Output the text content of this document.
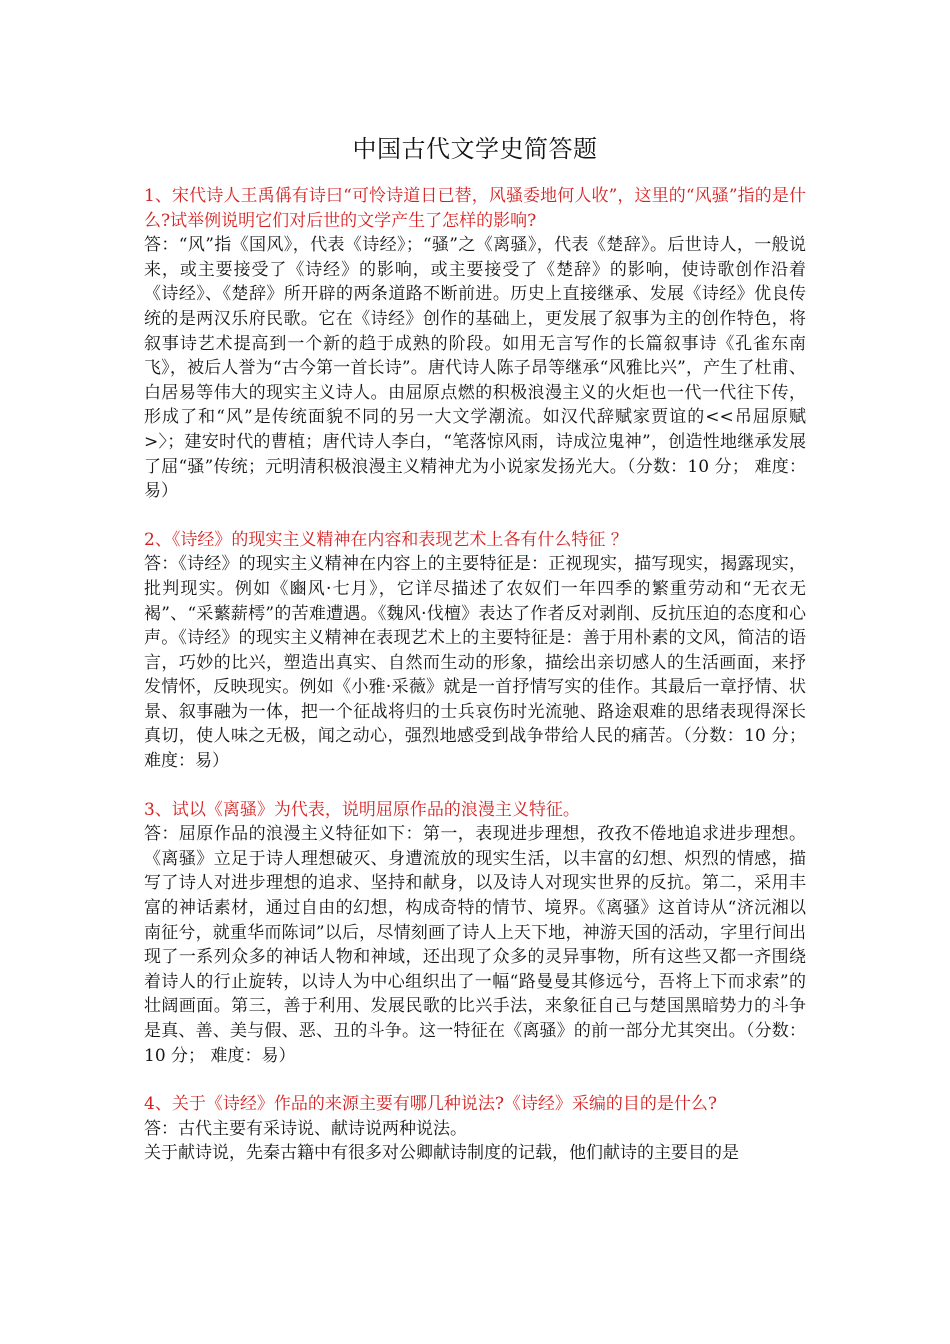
中国古代文学史简答题

1、宋代诗人王禹偁有诗曰“可怜诗道日已替，风骚委地何人收”，这里的“风骚”指的是什么?试举例说明它们对后世的文学产生了怎样的影响?

答：“风”指《国风》，代表《诗经》；“骚”之《离骚》，代表《楚辞》。后世诗人，一般说来，或主要接受了《诗经》的影响，或主要接受了《楚辞》的影响，使诗歌创作沿着《诗经》、《楚辞》所开辟的两条道路不断前进。历史上直接继承、发展《诗经》优良传统的是两汉乐府民歌。它在《诗经》创作的基础上，更发展了叙事为主的创作特色，将叙事诗艺术提高到一个新的趋于成熟的阶段。如用无言写作的长篇叙事诗《孔雀东南飞》，被后人誉为“古今第一首长诗”。唐代诗人陈子昂等继承“风雅比兴”，产生了杜甫、白居易等伟大的现实主义诗人。由屈原点燃的积极浪漫主义的火炬也一代一代往下传，形成了和“风”是传统面貌不同的另一大文学潮流。如汉代辞赋家贾谊的<<吊屈原赋>〉；建安时代的曹植；唐代诗人李白，“笔落惊风雨，诗成泣鬼神”，创造性地继承发展了屈“骚”传统；元明清积极浪漫主义精神尤为小说家发扬光大。（分数：10 分； 难度：易）

2、《诗经》的现实主义精神在内容和表现艺术上各有什么特征 ？

答：《诗经》的现实主义精神在内容上的主要特征是：正视现实，描写现实，揭露现实，批判现实。例如《豳风·七月》，它详尽描述了农奴们一年四季的繁重劳动和“无衣无褐”、“采蘩薪樗”的苦难遭遇。《魏风·伐檀》表达了作者反对剥削、反抗压迫的态度和心声。《诗经》的现实主义精神在表现艺术上的主要特征是：善于用朴素的文风，简洁的语言，巧妙的比兴，塑造出真实、自然而生动的形象，描绘出亲切感人的生活画面，来抒发情怀，反映现实。例如《小雅·采薇》就是一首抒情写实的佳作。其最后一章抒情、状景、叙事融为一体，把一个征战将归的士兵哀伤时光流驰、路途艰难的思绪表现得深长真切，使人味之无极，闻之动心，强烈地感受到战争带给人民的痛苦。（分数：10 分； 难度：易）

3、试以《离骚》为代表，说明屈原作品的浪漫主义特征。

答：屈原作品的浪漫主义特征如下：第一，表现进步理想，孜孜不倦地追求进步理想。《离骚》立足于诗人理想破灭、身遭流放的现实生活，以丰富的幻想、炽烈的情感，描写了诗人对进步理想的追求、坚持和献身，以及诗人对现实世界的反抗。第二，采用丰富的神话素材，通过自由的幻想，构成奇特的情节、境界。《离骚》这首诗从“济沅湘以南征兮，就重华而陈词”以后，尽情刻画了诗人上天下地，神游天国的活动，字里行间出现了一系列众多的神话人物和神域，还出现了众多的灵异事物，所有这些又都一齐围绕着诗人的行止旋转，以诗人为中心组织出了一幅“路曼曼其修远兮，吾将上下而求索”的壮阔画面。第三，善于利用、发展民歌的比兴手法，来象征自己与楚国黑暗势力的斗争是真、善、美与假、恶、丑的斗争。这一特征在《离骚》的前一部分尤其突出。（分数：10 分； 难度：易）

4、关于《诗经》作品的来源主要有哪几种说法?《诗经》采编的目的是什么?

答：古代主要有采诗说、献诗说两种说法。
关于献诗说，先秦古籍中有很多对公卿献诗制度的记载，他们献诗的主要目的是
